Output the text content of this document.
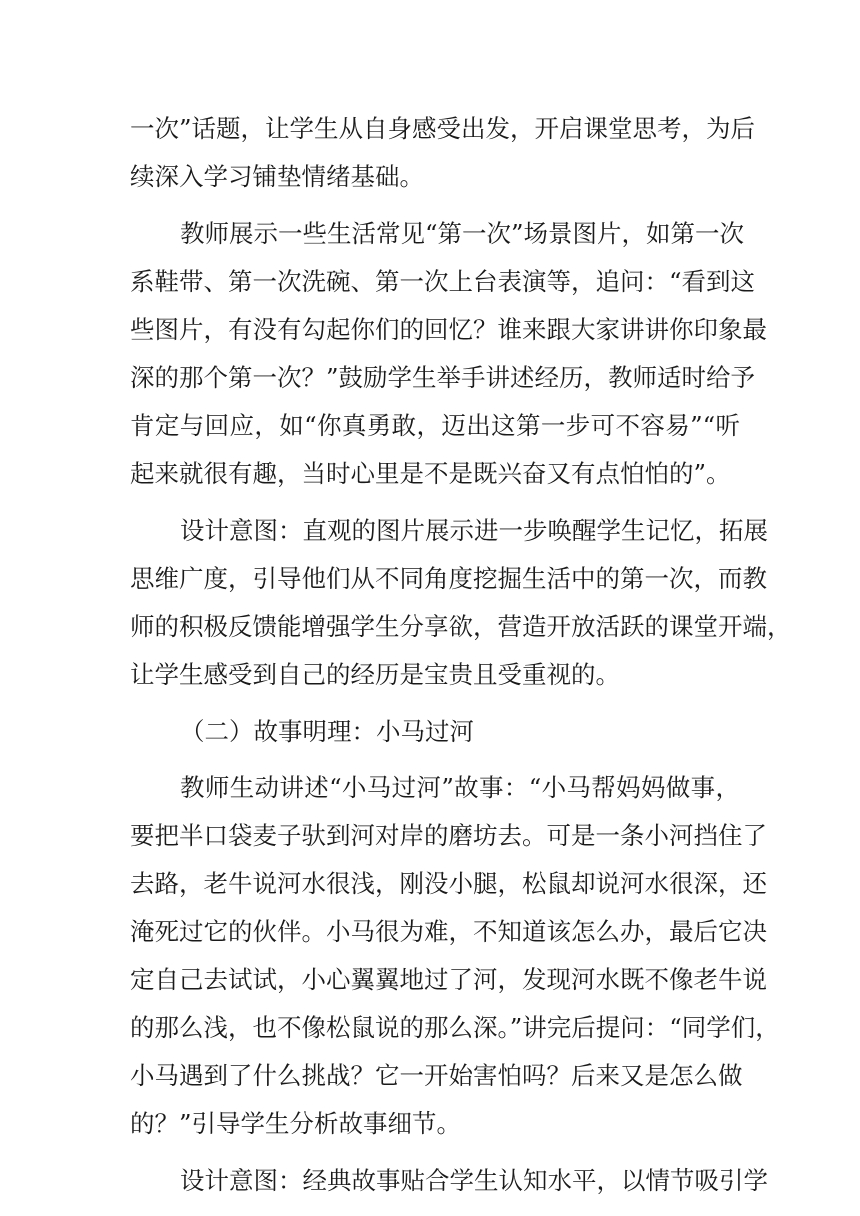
一次”话题，让学生从自身感受出发，开启课堂思考，为后
续深入学习铺垫情绪基础。
教师展示一些生活常见“第一次”场景图片，如第一次
系鞋带、第一次洗碗、第一次上台表演等，追问：“看到这
些图片，有没有勾起你们的回忆？谁来跟大家讲讲你印象最
深的那个第一次？”鼓励学生举手讲述经历，教师适时给予
肯定与回应，如“你真勇敢，迈出这第一步可不容易”“听
起来就很有趣，当时心里是不是既兴奋又有点怕怕的”。
设计意图：直观的图片展示进一步唤醒学生记忆，拓展
思维广度，引导他们从不同角度挖掘生活中的第一次，而教
师的积极反馈能增强学生分享欲，营造开放活跃的课堂开端，
让学生感受到自己的经历是宝贵且受重视的。
（二）故事明理：小马过河
教师生动讲述“小马过河”故事：“小马帮妈妈做事，
要把半口袋麦子驮到河对岸的磨坊去。可是一条小河挡住了
去路，老牛说河水很浅，刚没小腿，松鼠却说河水很深，还
淹死过它的伙伴。小马很为难，不知道该怎么办，最后它决
定自己去试试，小心翼翼地过了河，发现河水既不像老牛说
的那么浅，也不像松鼠说的那么深。”讲完后提问：“同学们，
小马遇到了什么挑战？它一开始害怕吗？后来又是怎么做
的？”引导学生分析故事细节。
设计意图：经典故事贴合学生认知水平，以情节吸引学
